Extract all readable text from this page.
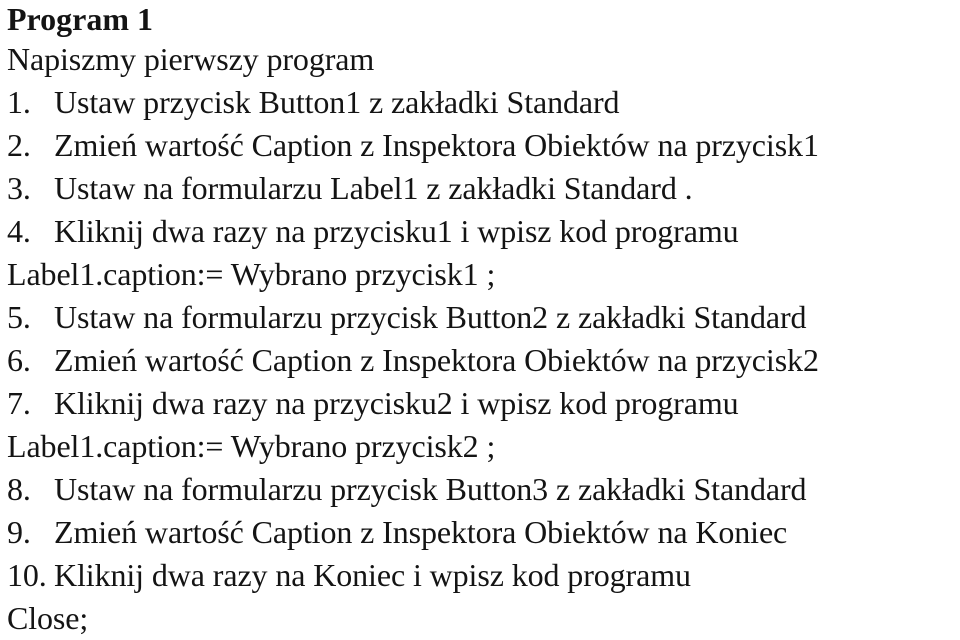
Program 1
Napiszmy pierwszy program
1. Ustaw przycisk Button1 z zakładki Standard
2. Zmień wartość Caption z Inspektora Obiektów na przycisk1
3. Ustaw na formularzu Label1 z zakładki Standard .
4. Kliknij dwa razy na przycisku1 i wpisz kod programu
Label1.caption:= Wybrano przycisk1 ;
5. Ustaw na formularzu przycisk Button2 z zakładki Standard
6. Zmień wartość Caption z Inspektora Obiektów na przycisk2
7. Kliknij dwa razy na przycisku2 i wpisz kod programu
Label1.caption:= Wybrano przycisk2 ;
8. Ustaw na formularzu przycisk Button3 z zakładki Standard
9. Zmień wartość Caption z Inspektora Obiektów na Koniec
10. Kliknij dwa razy na Koniec i wpisz kod programu
Close;
